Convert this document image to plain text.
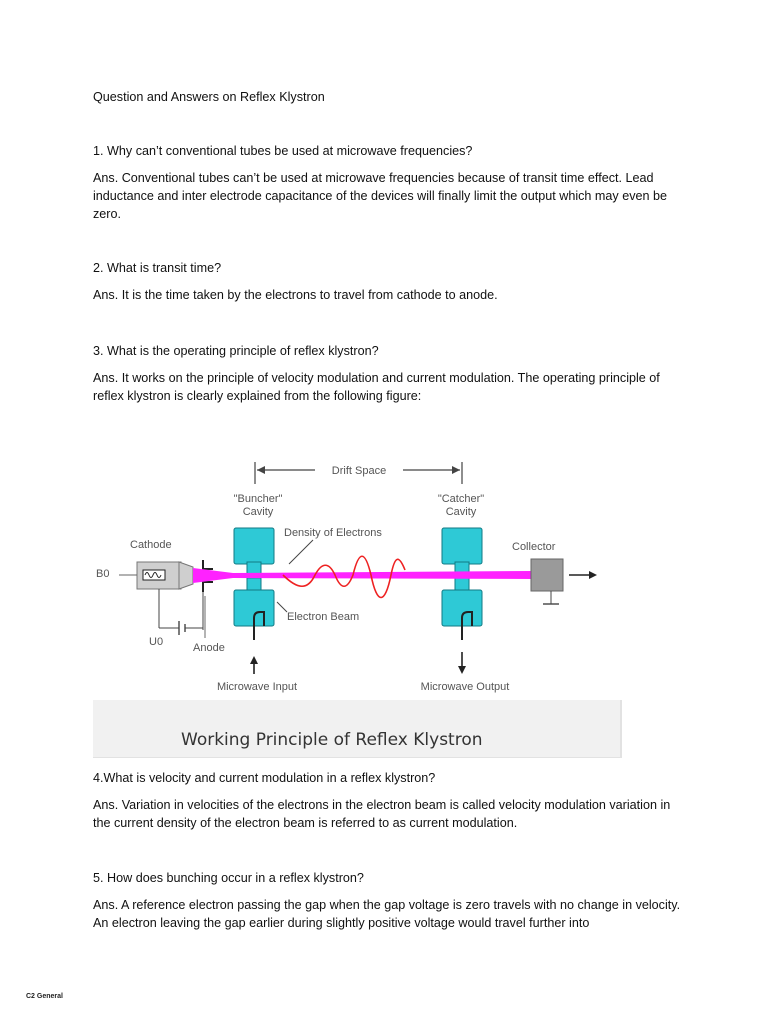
Question and Answers on Reflex Klystron
1. Why can’t conventional tubes be used at microwave frequencies?
Ans. Conventional tubes can’t be used at microwave frequencies because of transit time effect. Lead inductance and inter electrode capacitance of the devices will finally limit the output which may even be zero.
2. What is transit time?
Ans. It is the time taken by the electrons to travel from cathode to anode.
3. What is the operating principle of reflex klystron?
Ans. It works on the principle of velocity modulation and current modulation. The operating principle of reflex klystron is clearly explained from the following figure:
Drift Space
"Buncher"
Cavity
"Catcher"
Cavity
Density of Electrons
Cathode
B0
U0	Anode
Collector
Electron Beam
Microwave Input	Microwave Output
Working Principle of Reflex Klystron
4.What is velocity and current modulation in a reflex klystron?
Ans. Variation in velocities of the electrons in the electron beam is called velocity modulation variation in the current density of the electron beam is referred to as current modulation.
5. How does bunching occur in a reflex klystron?
Ans. A reference electron passing the gap when the gap voltage is zero travels with no change in velocity. An electron leaving the gap earlier during slightly positive voltage would travel further into
C2 General
